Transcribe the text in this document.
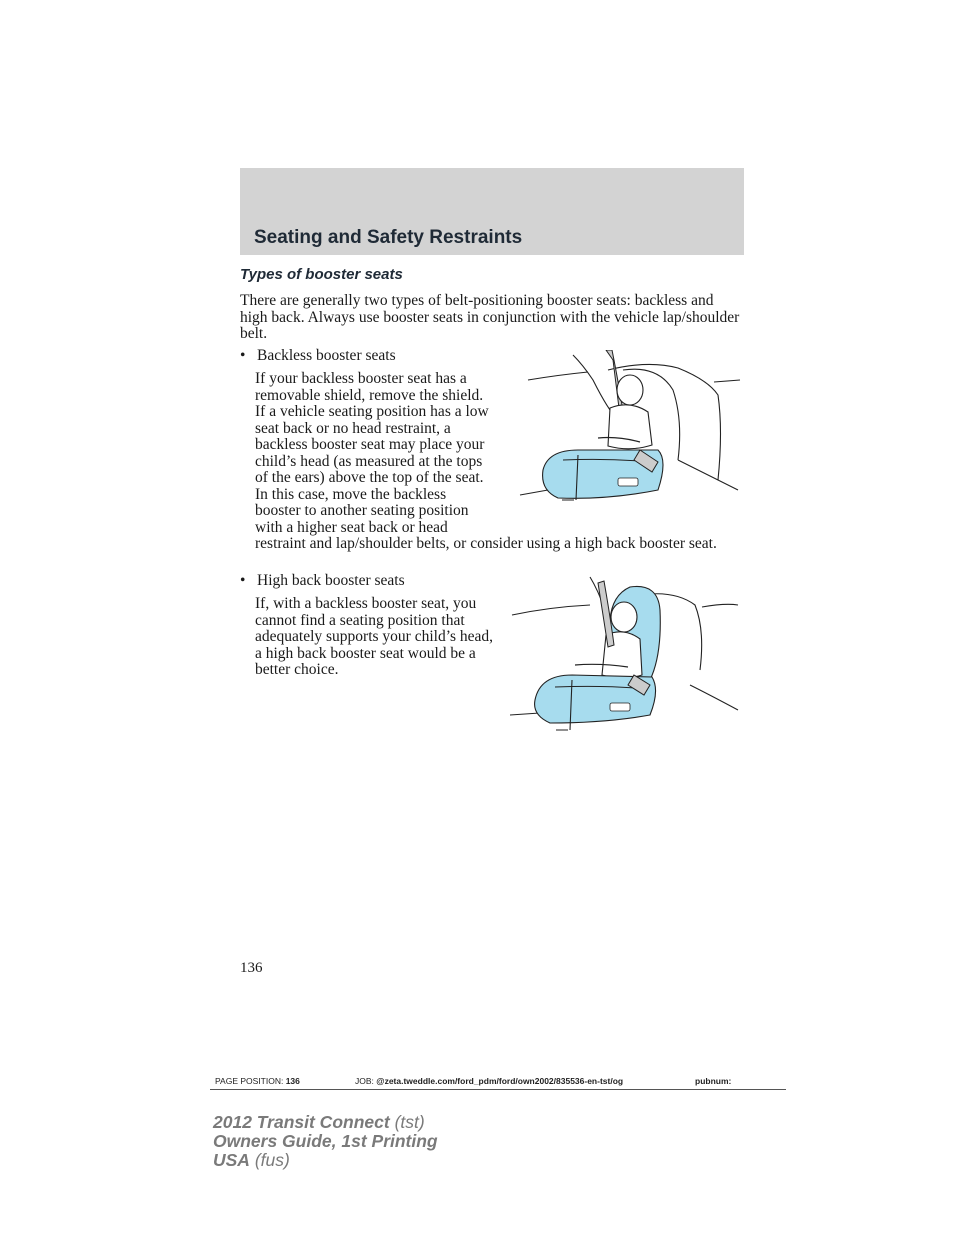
Seating and Safety Restraints
Types of booster seats

There are generally two types of belt-positioning booster seats: backless and high back. Always use booster seats in conjunction with the vehicle lap/shoulder belt.

• Backless booster seats

If your backless booster seat has a removable shield, remove the shield. If a vehicle seating position has a low seat back or no head restraint, a backless booster seat may place your child’s head (as measured at the tops of the ears) above the top of the seat. In this case, move the backless booster to another seating position with a higher seat back or head restraint and lap/shoulder belts, or consider using a high back booster seat.

• High back booster seats

If, with a backless booster seat, you cannot find a seating position that adequately supports your child’s head, a high back booster seat would be a better choice.

136
PAGE POSITION: 136	JOB: @zeta.tweddle.com/ford_pdm/ford/own2002/835536-en-tst/og	pubnum:
2012 Transit Connect (tst)
Owners Guide, 1st Printing
USA (fus)
